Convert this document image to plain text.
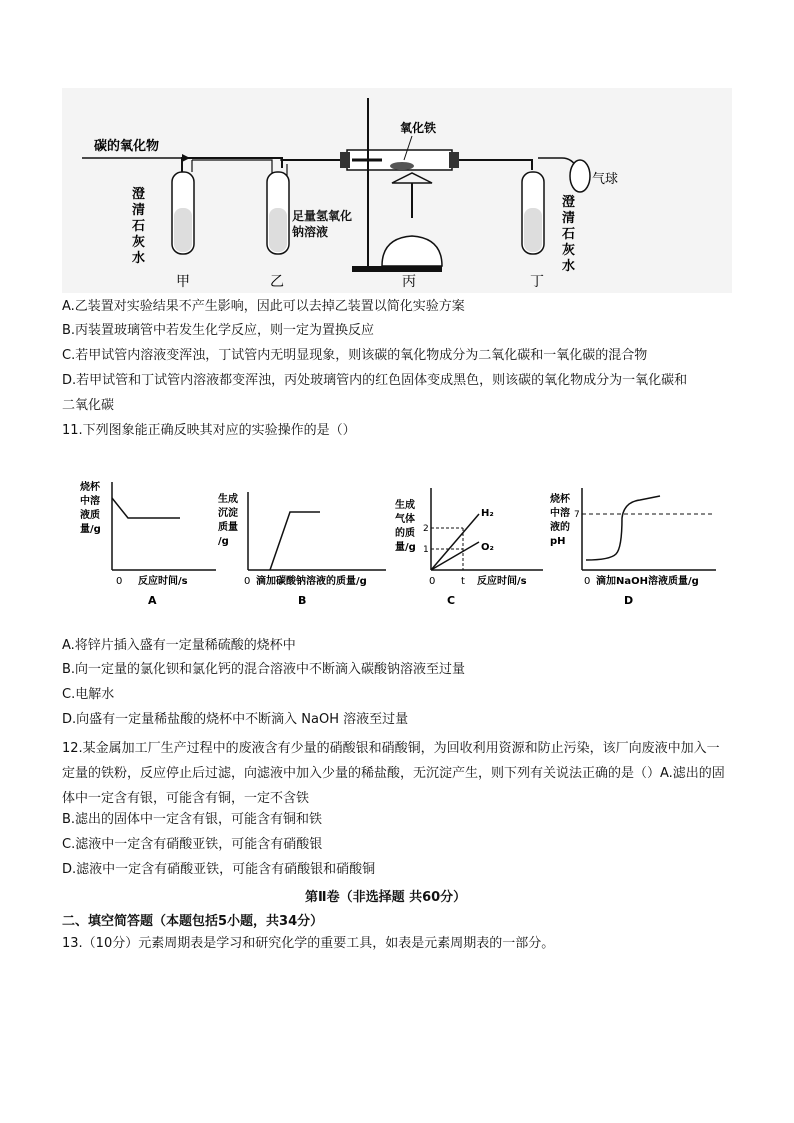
碳的氧化物
氧化铁
气球
澄 清 石 灰 水
足量氢氧化钠溶液
澄 清 石 灰 水
甲	乙	丙	丁
A.乙装置对实验结果不产生影响，因此可以去掉乙装置以简化实验方案
B.丙装置玻璃管中若发生化学反应，则一定为置换反应
C.若甲试管内溶液变浑浊，丁试管内无明显现象，则该碳的氧化物成分为二氧化碳和一氧化碳的混合物
D.若甲试管和丁试管内溶液都变浑浊，丙处玻璃管内的红色固体变成黑色，则该碳的氧化物成分为一氧化碳和
二氧化碳
11.下列图象能正确反映其对应的实验操作的是（）
烧杯 中溶 液质 量/g
0 反应时间/s
A
生成 沉淀 质量 /g
0 滴加碳酸钠溶液的质量/g
B
生成 气体 的质 量/g
2
1
H₂
O₂
0	t 反应时间/s
C
烧杯 中溶 液的 pH
7
0 滴加NaOH溶液质量/g
D
A.将锌片插入盛有一定量稀硫酸的烧杯中
B.向一定量的氯化钡和氯化钙的混合溶液中不断滴入碳酸钠溶液至过量
C.电解水
D.向盛有一定量稀盐酸的烧杯中不断滴入 NaOH 溶液至过量
12.某金属加工厂生产过程中的废液含有少量的硝酸银和硝酸铜，为回收利用资源和防止污染，该厂向废液中加入一定量的铁粉，反应停止后过滤，向滤液中加入少量的稀盐酸，无沉淀产生，则下列有关说法正确的是（）A.滤出的固体中一定含有银，可能含有铜，一定不含铁
B.滤出的固体中一定含有银，可能含有铜和铁
C.滤液中一定含有硝酸亚铁，可能含有硝酸银
D.滤液中一定含有硝酸亚铁，可能含有硝酸银和硝酸铜
第Ⅱ卷（非选择题 共60分）
二、填空简答题（本题包括5小题，共34分）
13.（10分）元素周期表是学习和研究化学的重要工具，如表是元素周期表的一部分。
